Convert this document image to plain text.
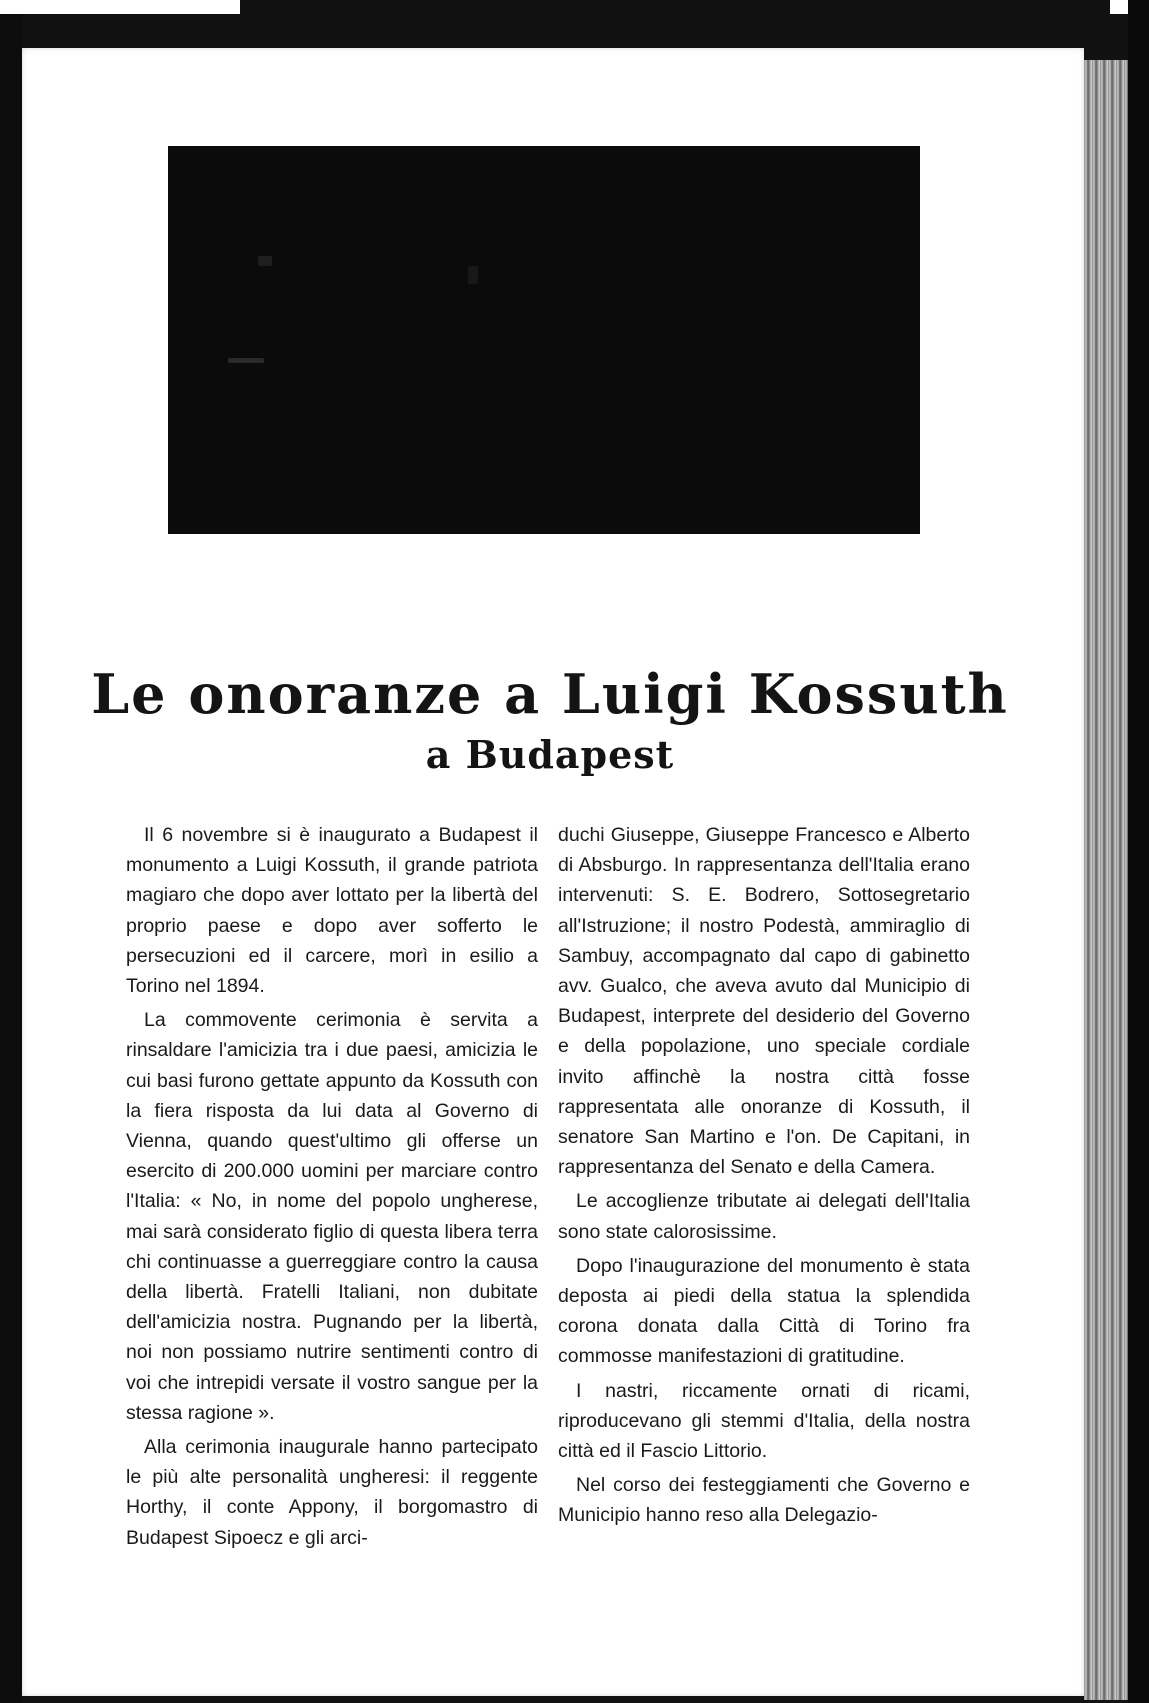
Le onoranze a Luigi Kossuth
a Budapest

Il 6 novembre si è inaugurato a Budapest il monumento a Luigi Kossuth, il grande patriota magiaro che dopo aver lottato per la libertà del proprio paese e dopo aver sofferto le persecuzioni ed il carcere, morì in esilio a Torino nel 1894.

La commovente cerimonia è servita a rinsaldare l'amicizia tra i due paesi, amicizia le cui basi furono gettate appunto da Kossuth con la fiera risposta da lui data al Governo di Vienna, quando quest'ultimo gli offerse un esercito di 200.000 uomini per marciare contro l'Italia: « No, in nome del popolo ungherese, mai sarà considerato figlio di questa libera terra chi continuasse a guerreggiare contro la causa della libertà. Fratelli Italiani, non dubitate dell'amicizia nostra. Pugnando per la libertà, noi non possiamo nutrire sentimenti contro di voi che intrepidi versate il vostro sangue per la stessa ragione ».

Alla cerimonia inaugurale hanno partecipato le più alte personalità ungheresi: il reggente Horthy, il conte Appony, il borgomastro di Budapest Sipoecz e gli arci-

duchi Giuseppe, Giuseppe Francesco e Alberto di Absburgo. In rappresentanza dell'Italia erano intervenuti: S. E. Bodrero, Sottosegretario all'Istruzione; il nostro Podestà, ammiraglio di Sambuy, accompagnato dal capo di gabinetto avv. Gualco, che aveva avuto dal Municipio di Budapest, interprete del desiderio del Governo e della popolazione, uno speciale cordiale invito affinchè la nostra città fosse rappresentata alle onoranze di Kossuth, il senatore San Martino e l'on. De Capitani, in rappresentanza del Senato e della Camera.

Le accoglienze tributate ai delegati dell'Italia sono state calorosissime.

Dopo l'inaugurazione del monumento è stata deposta ai piedi della statua la splendida corona donata dalla Città di Torino fra commosse manifestazioni di gratitudine.

I nastri, riccamente ornati di ricami, riproducevano gli stemmi d'Italia, della nostra città ed il Fascio Littorio.

Nel corso dei festeggiamenti che Governo e Municipio hanno reso alla Delegazio-
